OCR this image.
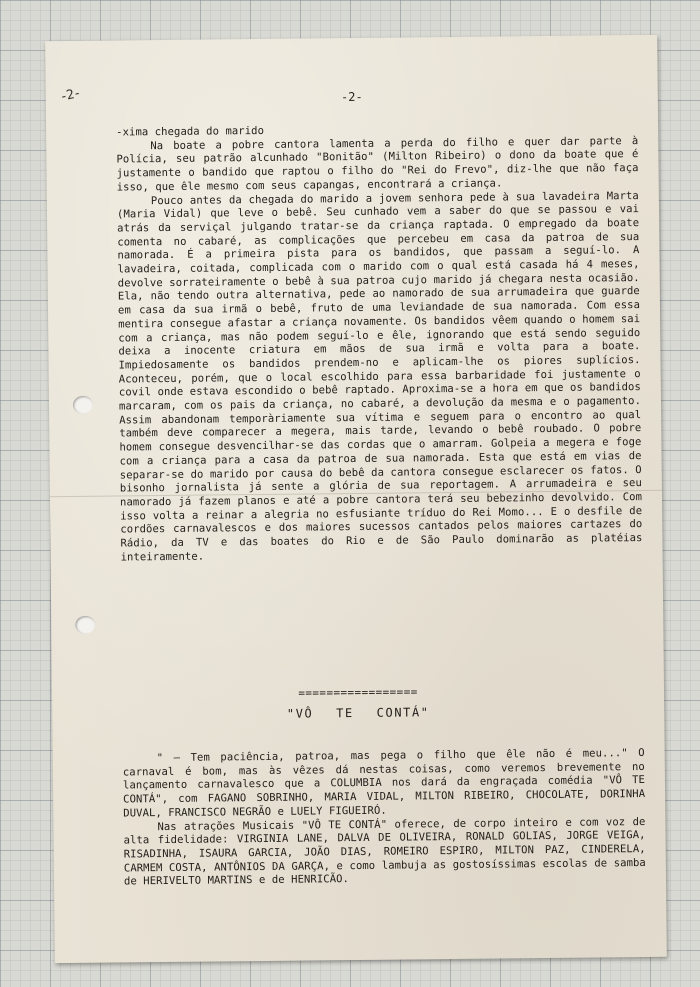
-2-	-2-

-xima chegada do marido

Na boate a pobre cantora lamenta a perda do filho e quer dar parte à Polícia, seu patrão alcunhado "Bonitão" (Milton Ribeiro) o dono da boate que é justamente o bandido que raptou o filho do "Rei do Frevo", diz-lhe que não faça isso, que êle mesmo com seus capangas, encontrará a criança.

Pouco antes da chegada do marido a jovem senhora pede à sua lavadeira Marta (Maria Vidal) que leve o bebê. Seu cunhado vem a saber do que se passou e vai atrás da serviçal julgando tratar-se da criança raptada. O empregado da boate comenta no cabaré, as complicações que percebeu em casa da patroa de sua namorada. É a primeira pista para os bandidos, que passam a seguí-lo. A lavadeira, coitada, complicada com o marido com o qual está casada há 4 meses, devolve sorrateiramente o bebê à sua patroa cujo marido já chegara nesta ocasião. Ela, não tendo outra alternativa, pede ao namorado de sua arrumadeira que guarde em casa da sua irmã o bebê, fruto de uma leviandade de sua namorada. Com essa mentira consegue afastar a criança novamente. Os bandidos vêem quando o homem sai com a criança, mas não podem seguí-lo e êle, ignorando que está sendo seguido deixa a inocente criatura em mãos de sua irmã e volta para a boate. Impiedosamente os bandidos prendem-no e aplicam-lhe os piores suplícios. Aconteceu, porém, que o local escolhido para essa barbaridade foi justamente o covil onde estava escondido o bebê raptado. Aproxima-se a hora em que os bandidos marcaram, com os pais da criança, no cabaré, a devolução da mesma e o pagamento. Assim abandonam temporàriamente sua vítima e seguem para o encontro ao qual também deve comparecer a megera, mais tarde, levando o bebê roubado. O pobre homem consegue desvencilhar-se das cordas que o amarram. Golpeia a megera e foge com a criança para a casa da patroa de sua namorada. Esta que está em vias de separar-se do marido por causa do bebê da cantora consegue esclarecer os fatos. O bisonho jornalista já sente a glória de sua reportagem. A arrumadeira e seu namorado já fazem planos e até a pobre cantora terá seu bebezinho devolvido. Com isso volta a reinar a alegria no esfusiante tríduo do Rei Momo... E o desfile de cordões carnavalescos e dos maiores sucessos cantados pelos maiores cartazes do Rádio, da TV e das boates do Rio e de São Paulo dominarão as platéias inteiramente.

=================
"VÔ TE CONTÁ"

" — Tem paciência, patroa, mas pega o filho que êle não é meu..." O carnaval é bom, mas às vêzes dá nestas coisas, como veremos brevemente no lançamento carnavalesco que a COLUMBIA nos dará da engraçada comédia "VÔ TE CONTÁ", com FAGANO SOBRINHO, MARIA VIDAL, MILTON RIBEIRO, CHOCOLATE, DORINHA DUVAL, FRANCISCO NEGRÃO e LUELY FIGUEIRÓ.

Nas atrações Musicais "VÔ TE CONTÁ" oferece, de corpo inteiro e com voz de alta fidelidade: VIRGINIA LANE, DALVA DE OLIVEIRA, RONALD GOLIAS, JORGE VEIGA, RISADINHA, ISAURA GARCIA, JOÃO DIAS, ROMEIRO ESPIRO, MILTON PAZ, CINDERELA, CARMEM COSTA, ANTÔNIOS DA GARÇA, e como lambuja as gostosíssimas escolas de samba de HERIVELTO MARTINS e de HENRICÃO.
